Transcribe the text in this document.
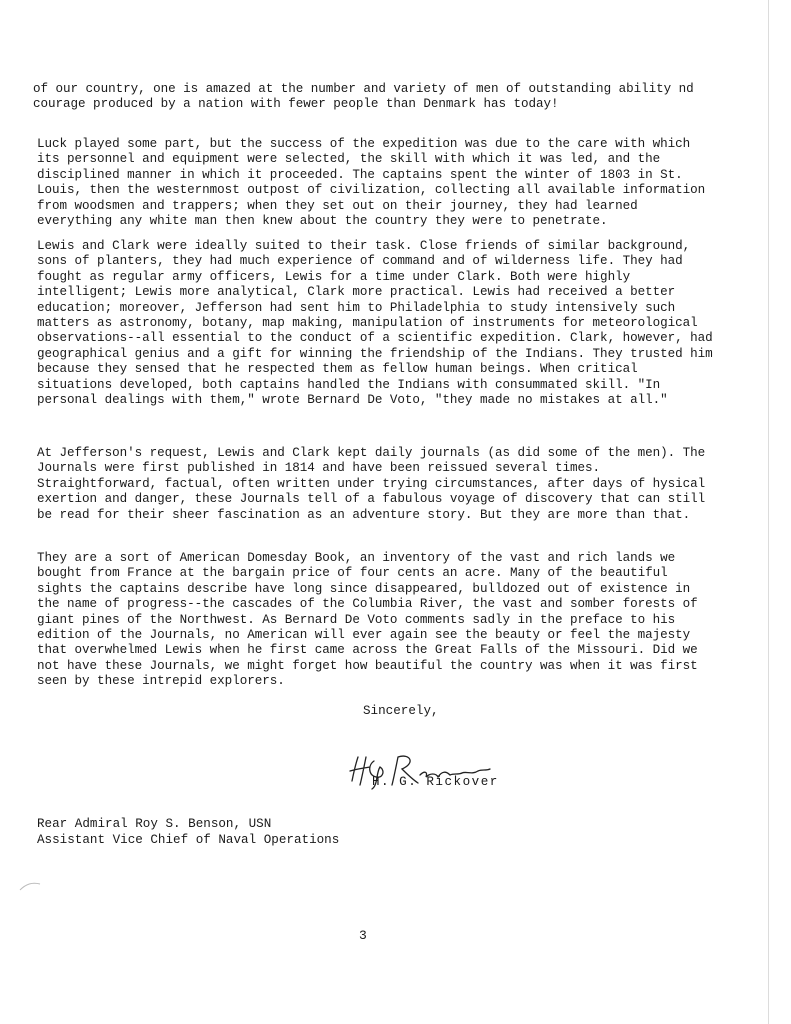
of our country, one is amazed at the number and variety of men of outstanding ability nd courage produced by a nation with fewer people than Denmark has today!

Luck played some part, but the success of the expedition was due to the care with which its personnel and equipment were selected, the skill with which it was led, and the disciplined manner in which it proceeded. The captains spent the winter of 1803 in St. Louis, then the westernmost outpost of civilization, collecting all available information from woodsmen and trappers; when they set out on their journey, they had learned everything any white man then knew about the country they were to penetrate.

Lewis and Clark were ideally suited to their task. Close friends of similar background, sons of planters, they had much experience of command and of wilderness life. They had fought as regular army officers, Lewis for a time under Clark. Both were highly intelligent; Lewis more analytical, Clark more practical. Lewis had received a better education; moreover, Jefferson had sent him to Philadelphia to study intensively such matters as astronomy, botany, map making, manipulation of instruments for meteorological observations--all essential to the conduct of a scientific expedition. Clark, however, had geographical genius and a gift for winning the friendship of the Indians. They trusted him because they sensed that he respected them as fellow human beings. When critical situations developed, both captains handled the Indians with consummated skill. "In personal dealings with them," wrote Bernard De Voto, "they made no mistakes at all."

At Jefferson's request, Lewis and Clark kept daily journals (as did some of the men). The Journals were first published in 1814 and have been reissued several times. Straightforward, factual, often written under trying circumstances, after days of hysical exertion and danger, these Journals tell of a fabulous voyage of discovery that can still be read for their sheer fascination as an adventure story. But they are more than that.

They are a sort of American Domesday Book, an inventory of the vast and rich lands we bought from France at the bargain price of four cents an acre. Many of the beautiful sights the captains describe have long since disappeared, bulldozed out of existence in the name of progress--the cascades of the Columbia River, the vast and somber forests of giant pines of the Northwest. As Bernard De Voto comments sadly in the preface to his edition of the Journals, no American will ever again see the beauty or feel the majesty that overwhelmed Lewis when he first came across the Great Falls of the Missouri. Did we not have these Journals, we might forget how beautiful the country was when it was first seen by these intrepid explorers.

Sincerely,
H. G. Rickover
Rear Admiral Roy S. Benson, USN
Assistant Vice Chief of Naval Operations
3
